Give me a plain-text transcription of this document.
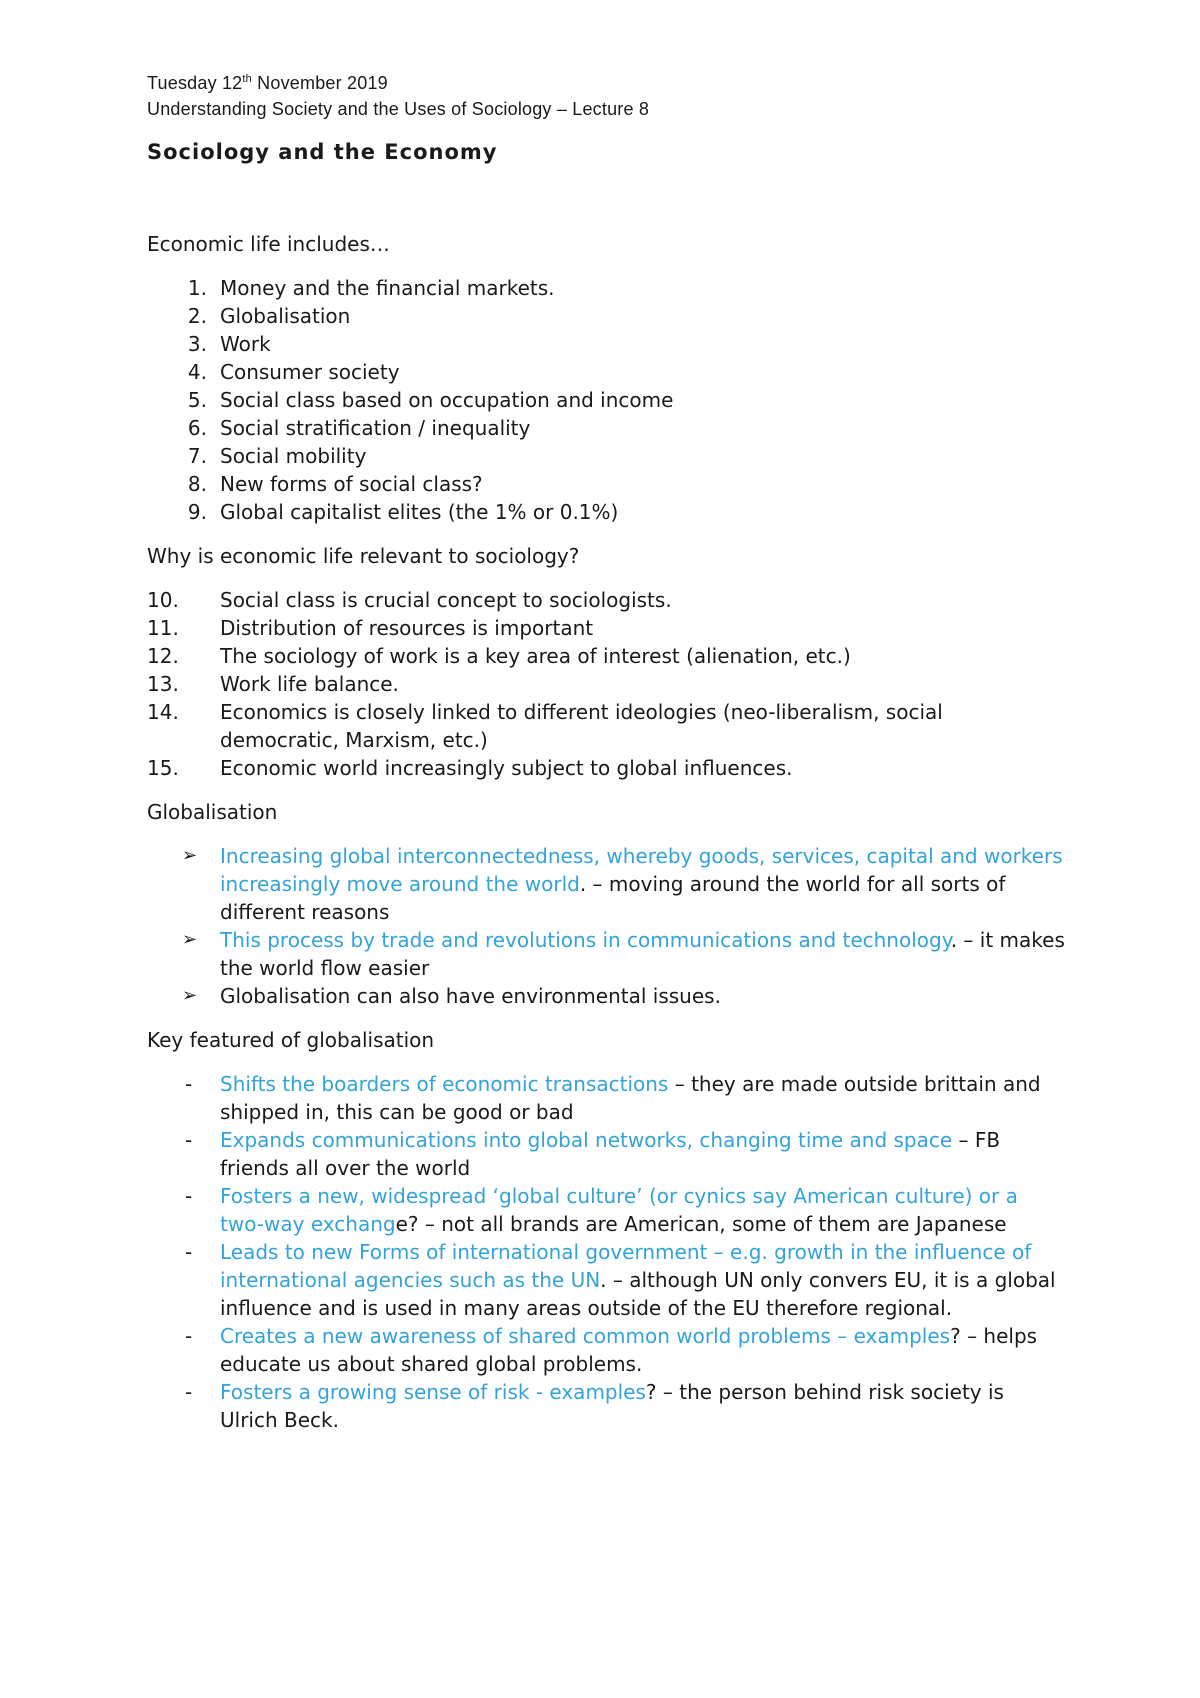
Tuesday 12th November 2019
Understanding Society and the Uses of Sociology – Lecture 8
Sociology and the Economy

Economic life includes…

1. Money and the financial markets.
2. Globalisation
3. Work
4. Consumer society
5. Social class based on occupation and income
6. Social stratification / inequality
7. Social mobility
8. New forms of social class?
9. Global capitalist elites (the 1% or 0.1%)

Why is economic life relevant to sociology?

10.	Social class is crucial concept to sociologists.
11.	Distribution of resources is important
12.	The sociology of work is a key area of interest (alienation, etc.)
13.	Work life balance.
14.	Economics is closely linked to different ideologies (neo-liberalism, social democratic, Marxism, etc.)
15.	Economic world increasingly subject to global influences.

Globalisation

➢	Increasing global interconnectedness, whereby goods, services, capital and workers increasingly move around the world. – moving around the world for all sorts of different reasons
➢	This process by trade and revolutions in communications and technology. – it makes the world flow easier
➢	Globalisation can also have environmental issues.

Key featured of globalisation

-	Shifts the boarders of economic transactions – they are made outside brittain and shipped in, this can be good or bad
-	Expands communications into global networks, changing time and space – FB friends all over the world
-	Fosters a new, widespread ‘global culture’ (or cynics say American culture) or a two-way exchange? – not all brands are American, some of them are Japanese
-	Leads to new Forms of international government – e.g. growth in the influence of international agencies such as the UN. – although UN only convers EU, it is a global influence and is used in many areas outside of the EU therefore regional.
-	Creates a new awareness of shared common world problems – examples? – helps educate us about shared global problems.
-	Fosters a growing sense of risk - examples? – the person behind risk society is Ulrich Beck.
